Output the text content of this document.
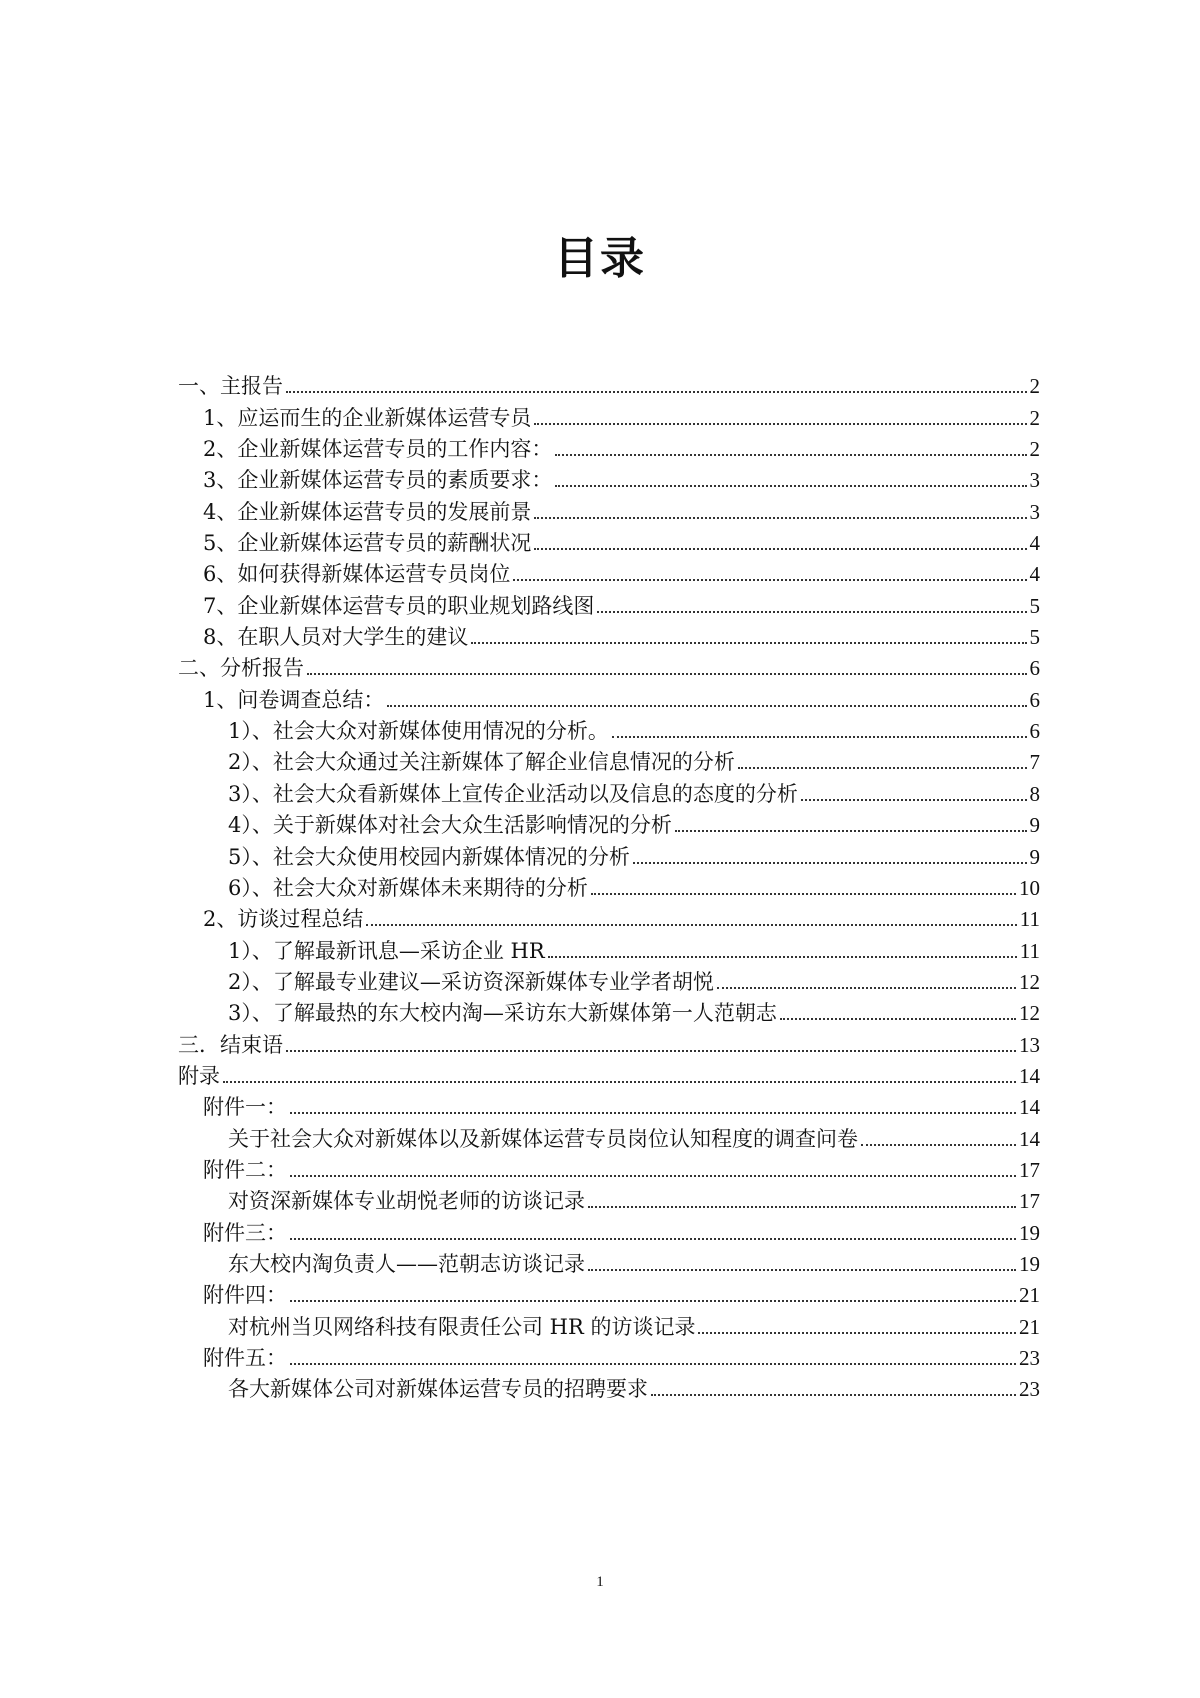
目录
一、主报告	2
1、应运而生的企业新媒体运营专员	2
2、企业新媒体运营专员的工作内容：	2
3、企业新媒体运营专员的素质要求：	3
4、企业新媒体运营专员的发展前景	3
5、企业新媒体运营专员的薪酬状况	4
6、如何获得新媒体运营专员岗位	4
7、企业新媒体运营专员的职业规划路线图	5
8、在职人员对大学生的建议	5
二、分析报告	6
1、问卷调查总结：	6
1）、社会大众对新媒体使用情况的分析。	6
2）、社会大众通过关注新媒体了解企业信息情况的分析	7
3）、社会大众看新媒体上宣传企业活动以及信息的态度的分析	8
4）、关于新媒体对社会大众生活影响情况的分析	9
5）、社会大众使用校园内新媒体情况的分析	9
6）、社会大众对新媒体未来期待的分析	10
2、访谈过程总结	11
1）、了解最新讯息—采访企业 HR	11
2）、了解最专业建议—采访资深新媒体专业学者胡悦	12
3）、了解最热的东大校内淘—采访东大新媒体第一人范朝志	12
三．结束语	13
附录	14
附件一：	14
关于社会大众对新媒体以及新媒体运营专员岗位认知程度的调查问卷	14
附件二：	17
对资深新媒体专业胡悦老师的访谈记录	17
附件三：	19
东大校内淘负责人——范朝志访谈记录	19
附件四：	21
对杭州当贝网络科技有限责任公司 HR 的访谈记录	21
附件五：	23
各大新媒体公司对新媒体运营专员的招聘要求	23
1
